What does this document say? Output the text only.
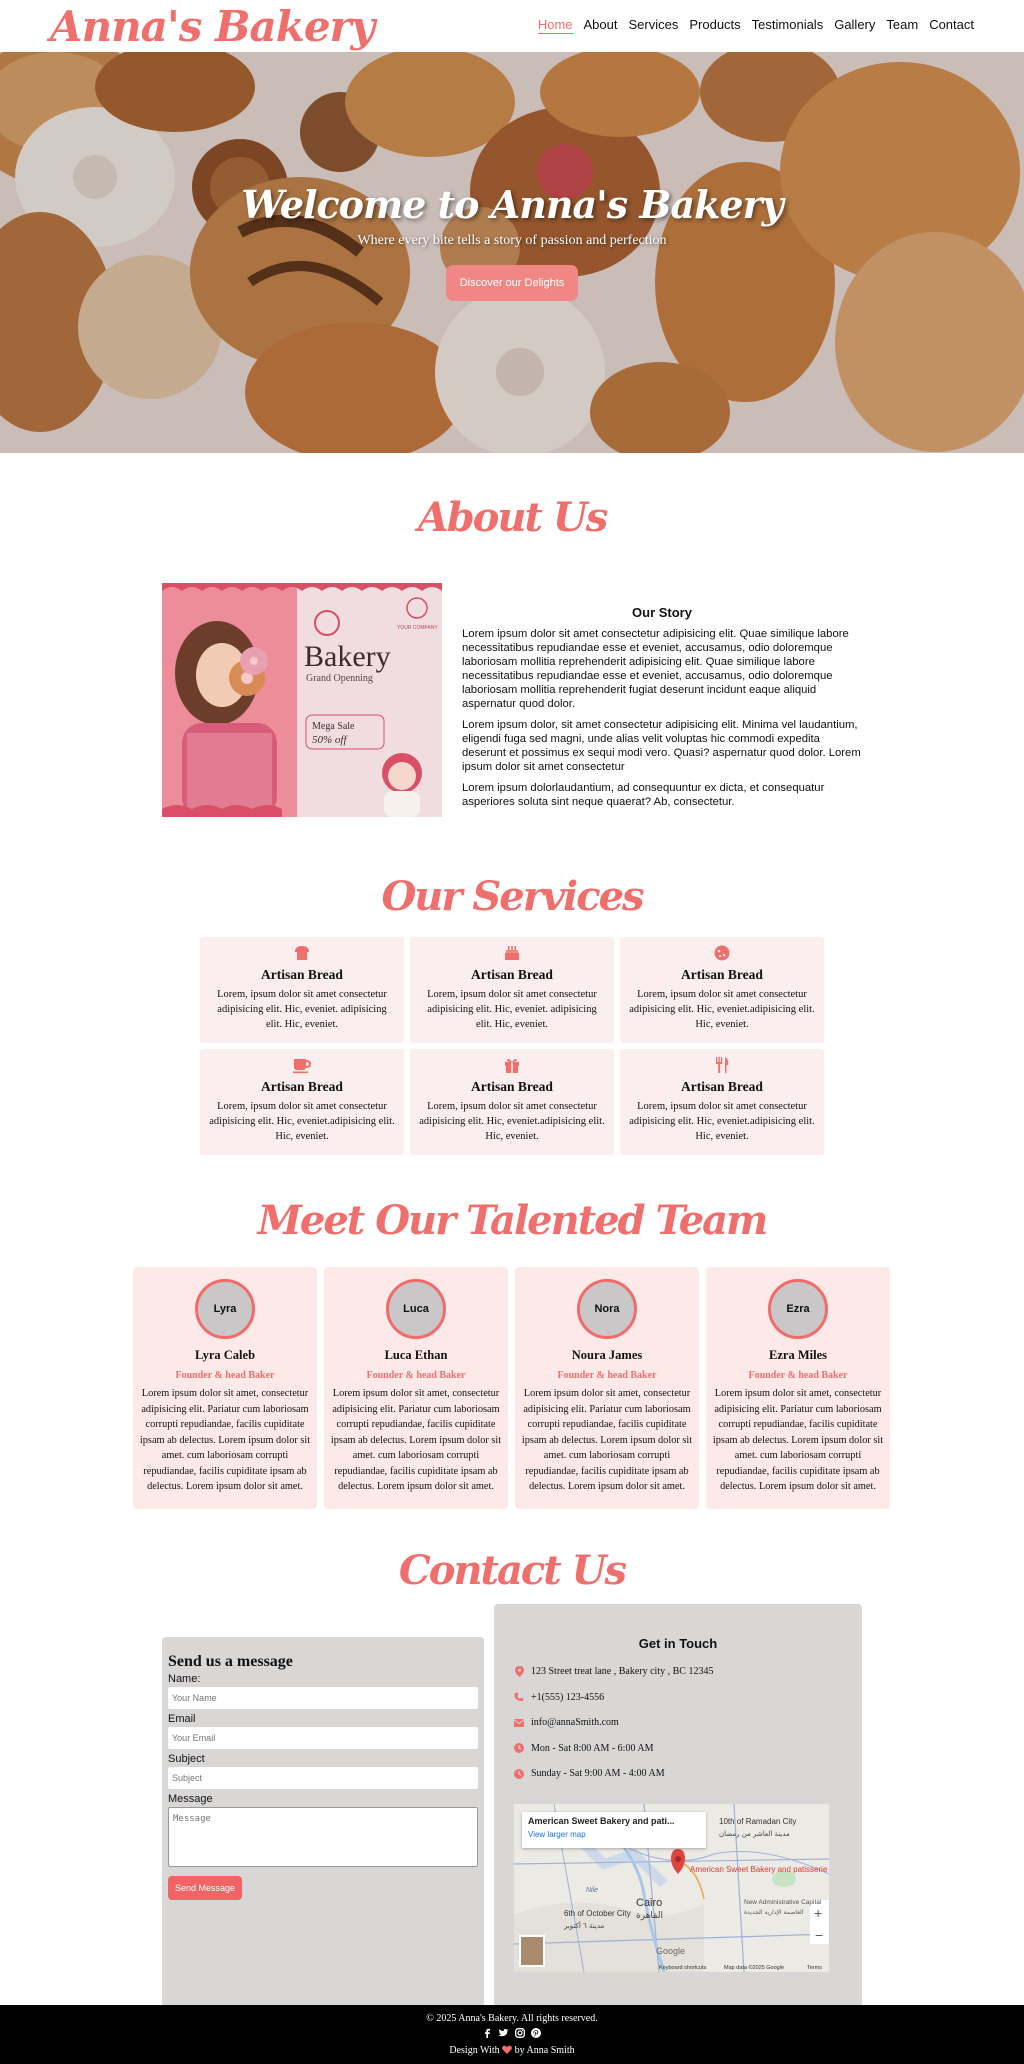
Anna's Bakery	Home About Services Products Testimonials Gallery Team Contact
Welcome to Anna's Bakery
Where every bite tells a story of passion and perfection
Discover our Delights
About Us
YOUR COMPANY
Bakery
Grand Openning
Mega Sale
50% off
Our Story

Lorem ipsum dolor sit amet consectetur adipisicing elit. Quae similique labore necessitatibus repudiandae esse et eveniet, accusamus, odio doloremque laboriosam mollitia reprehenderit adipisicing elit. Quae similique labore necessitatibus repudiandae esse et eveniet, accusamus, odio doloremque laboriosam mollitia reprehenderit fugiat deserunt incidunt eaque aliquid aspernatur quod dolor.

Lorem ipsum dolor, sit amet consectetur adipisicing elit. Minima vel laudantium, eligendi fuga sed magni, unde alias velit voluptas hic commodi expedita deserunt et possimus ex sequi modi vero. Quasi? aspernatur quod dolor. Lorem ipsum dolor sit amet consectetur

Lorem ipsum dolorlaudantium, ad consequuntur ex dicta, et consequatur asperiores soluta sint neque quaerat? Ab, consectetur.

Our Services
Artisan Bread

Lorem, ipsum dolor sit amet consectetur adipisicing elit. Hic, eveniet. adipisicing elit. Hic, eveniet.

Artisan Bread

Lorem, ipsum dolor sit amet consectetur adipisicing elit. Hic, eveniet. adipisicing elit. Hic, eveniet.

Artisan Bread

Lorem, ipsum dolor sit amet consectetur adipisicing elit. Hic, eveniet.adipisicing elit. Hic, eveniet.

Artisan Bread

Lorem, ipsum dolor sit amet consectetur adipisicing elit. Hic, eveniet.adipisicing elit. Hic, eveniet.

Artisan Bread

Lorem, ipsum dolor sit amet consectetur adipisicing elit. Hic, eveniet.adipisicing elit. Hic, eveniet.

Artisan Bread

Lorem, ipsum dolor sit amet consectetur adipisicing elit. Hic, eveniet.adipisicing elit. Hic, eveniet.

Meet Our Talented Team
Lyra
Lyra Caleb
Founder & head Baker

Lorem ipsum dolor sit amet, consectetur adipisicing elit. Pariatur cum laboriosam corrupti repudiandae, facilis cupiditate ipsam ab delectus. Lorem ipsum dolor sit amet. cum laboriosam corrupti repudiandae, facilis cupiditate ipsam ab delectus. Lorem ipsum dolor sit amet.

Luca
Luca Ethan
Founder & head Baker

Lorem ipsum dolor sit amet, consectetur adipisicing elit. Pariatur cum laboriosam corrupti repudiandae, facilis cupiditate ipsam ab delectus. Lorem ipsum dolor sit amet. cum laboriosam corrupti repudiandae, facilis cupiditate ipsam ab delectus. Lorem ipsum dolor sit amet.

Nora
Noura James
Founder & head Baker

Lorem ipsum dolor sit amet, consectetur adipisicing elit. Pariatur cum laboriosam corrupti repudiandae, facilis cupiditate ipsam ab delectus. Lorem ipsum dolor sit amet. cum laboriosam corrupti repudiandae, facilis cupiditate ipsam ab delectus. Lorem ipsum dolor sit amet.

Ezra
Ezra Miles
Founder & head Baker

Lorem ipsum dolor sit amet, consectetur adipisicing elit. Pariatur cum laboriosam corrupti repudiandae, facilis cupiditate ipsam ab delectus. Lorem ipsum dolor sit amet. cum laboriosam corrupti repudiandae, facilis cupiditate ipsam ab delectus. Lorem ipsum dolor sit amet.

Contact Us
Send us a message
Name:
Your Name
Email
Your Email
Subject
Subject
Message
Message Send Message
Get in Touch
123 Street treat lane , Bakery city , BC 12345
+1(555) 123-4556
info@annaSmith.com
Mon - Sat 8:00 AM - 6:00 AM
Sunday - Sat 9:00 AM - 4:00 AM
Nile
American Sweet Bakery and patisserie
Cairo
القاهرة
6th of October City
مدينة ٦ أكتوبر
10th of Ramadan City
مدينة العاشر من رمضان
New Administrative Capital
العاصمة الإدارية الجديدة
Google
Keyboard shortcuts	Map data ©2025 Google	Terms
+
−
American Sweet Bakery and pati...
View larger map
© 2025 Anna's Bakery. All rights reserved.
Design With by Anna Smith
